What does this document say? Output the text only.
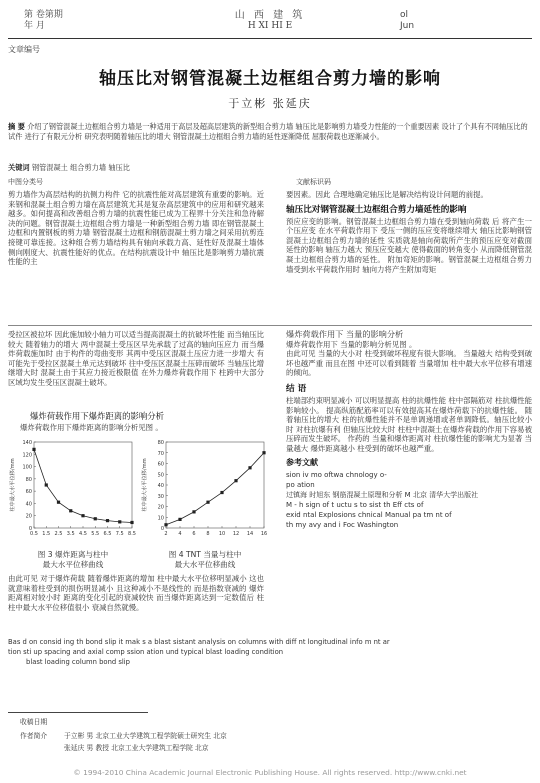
第 卷第期
年 月
山 西 建 筑
H XI HI E
ol
Jun
文章编号
轴压比对钢管混凝土边框组合剪力墙的影响
于立彬 张延庆
摘 要 介绍了钢管混凝土边框组合剪力墙是一种适用于高层及超高层建筑的新型组合剪力墙 轴压比是影响剪力墙受力性能的一个重要因素 设计了个具有不同轴压比的试件 进行了有限元分析 研究表明随着轴压比的增大 钢管混凝土边框组合剪力墙的延性逐渐降低 屈服荷载也逐渐减小。
关键词 钢管混凝土 组合剪力墙 轴压比
中图分类号	文献标识码
剪力墙作为高层结构的抗侧力构件 它的抗震性能对高层建筑有重要的影响。近来钢和混凝土组合剪力墙在高层建筑尤其是复杂高层建筑中的应用和研究越来越多。如何提高和改善组合剪力墙的抗震性能已成为工程界十分关注和急待解决的问题。钢管混凝土边框组合剪力墙是一种新型组合剪力墙 即在钢管混凝土边框和内置钢板的剪力墙 钢管混凝土边框和钢筋混凝土剪力墙之间采用抗剪连接键可靠连接。这种组合剪力墙结构具有轴向承载力高、延性好及混凝土墙体侧向刚度大、抗震性能好的优点。在结构抗震设计中 轴压比是影响剪力墙抗震性能的主
要因素。因此 合理地确定轴压比是解决结构设计问题的前提。
轴压比对钢管混凝土边框组合剪力墙延性的影响
预应应变的影响。钢管混凝土边框组合剪力墙在受到轴向荷载 后 将产生一个压应变 在水平荷载作用下 受压一侧的压应变将继续增大 轴压比影响钢管混凝土边框组合剪力墙的延性 实质就是轴向荷载所产生的预压应变对截面延性的影响 轴压力越大 预压应变越大 使得截面的转角变小 从而降低钢管混凝土边框组合剪力墙的延性。 附加弯矩的影响。钢管混凝土边框组合剪力墙受到水平荷载作用时 轴向力将产生附加弯矩
受拉区被拉坏 因此施加较小轴力可以适当提高混凝土的抗破坏性能 而当轴压比较大 随着轴力的增大 两中混凝土受压区早先承载了过高的轴向压应力 而当爆炸荷载施加时 由于构件的弯曲变形 其两中受压区混凝土压应力进一步增大 有可能先于受拉区混凝土单元达到破坏 往中受压区混凝土压碎而破坏 当轴压比增继增大时 混凝土由于其应力接近极限值 在外力爆炸荷载作用下 柱跨中大部分区域均发生受压区混凝土破坏。
爆炸荷载作用下爆炸距离的影响分析
爆炸荷载作用下爆炸距离的影响分析见图 。
0
20
40
60
80
100
120
140
0.5 1.5 2.5 3.5 4.5 5.5 6.5 7.5 8.5
柱中最大水平位移/mm
图 3 爆炸距离与柱中
最大水平位移曲线
0
10
20
30
40
50
60
70
80
2 4 6 8 10 12 14 16
柱中最大水平位移/mm
图 4 TNT 当量与柱中
最大水平位移曲线
由此可见 对于爆炸荷载 随着爆炸距离的增加 柱中最大水平位移明显减小 这也就意味着柱受到的损伤明显减小 且这种减小不是线性的 而是指数衰减的 爆炸距离相对较小时 距离的变化引起的衰减较快 而当爆炸距离达到一定数值后 柱柱中最大水平位移值很小 衰减自然就慢。
爆炸荷载作用下 当量的影响分析
爆炸荷载作用下 当量的影响分析见图 。
由此可见 当量的大小对 柱受到破坏程度有很大影响。 当量越大 结构受到破坏也越严重 而且在图 中还可以看到随着 当量增加 柱中最大水平位移有增速的倾向。
结 语
柱端部约束明显减小 可以明显提高 柱的抗爆性能 柱中部隔筋对 柱抗爆性能影响较小。 提高纵筋配筋率可以有效提高其在爆炸荷载下的抗爆性能。 随着轴压比的增大 柱的抗爆性能并不是单调递增或者单调降低。轴压比较小时 对柱抗爆有利 但轴压比较大时 柱柱中混凝土在爆炸荷载的作用下容易被压碎而发生破坏。 作药的 当量和爆炸距离对 柱抗爆性能的影响尤为显著 当量越大 爆炸距离越小 柱受到的破坏也越严重。
参考文献
sion iv mo oftwa chnology o-
po ation
过镇海 时旭东 钢筋混凝土原理和分析 M 北京 清华大学出版社
M - h sign of t uctu s to sist th Eff cts of
exid ntal Explosions chnical Manual pa tm nt of
th my avy and i Foc Washington
Bas d on consid ing th bond slip it mak s a blast sistant analysis on columns with diff nt longitudinal info m nt ar
tion sti up spacing and axial comp ssion ation und typical blast loading condition
blast loading column bond slip
收稿日期
作者简介 于立彬 男 北京工业大学建筑工程学院硕士研究生 北京
张延庆 男 教授 北京工业大学建筑工程学院 北京
© 1994-2010 China Academic Journal Electronic Publishing House. All rights reserved. http://www.cnki.net
